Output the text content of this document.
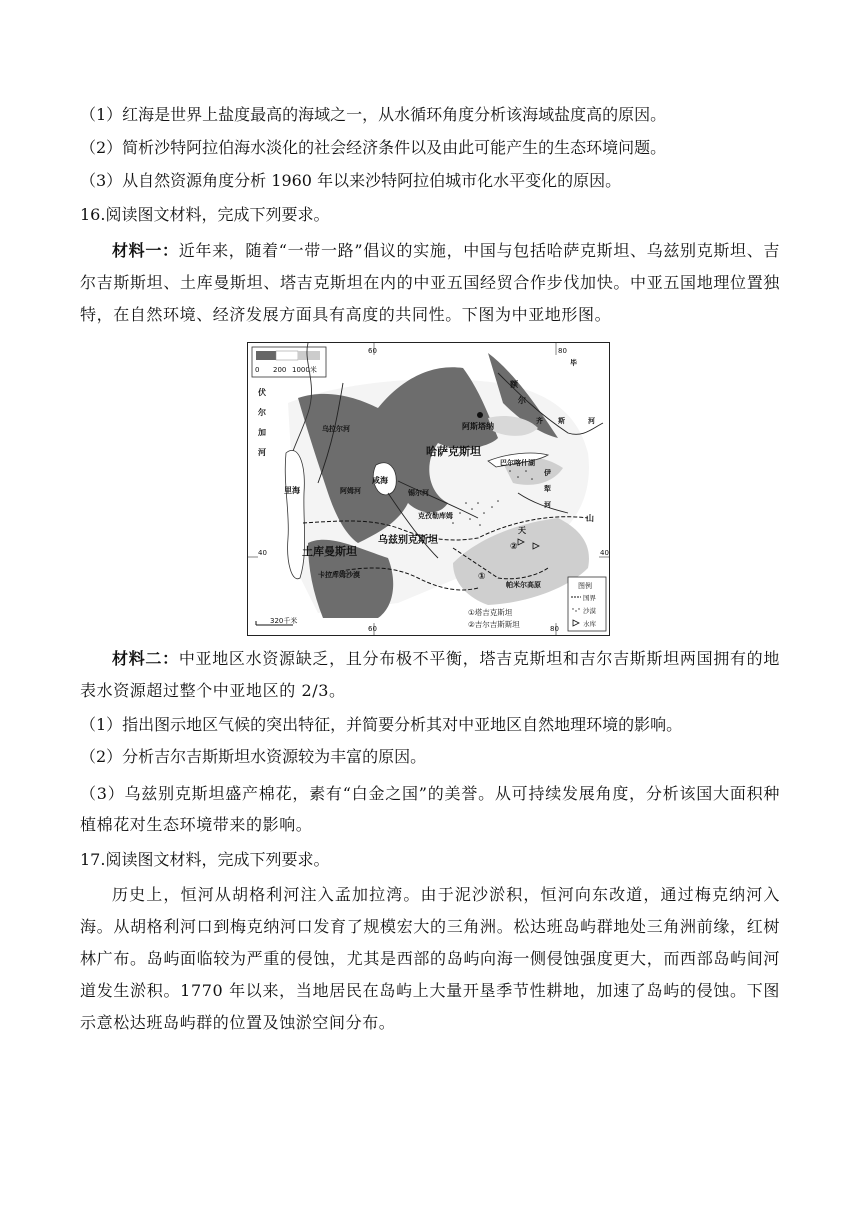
（1）红海是世界上盐度最高的海域之一，从水循环角度分析该海域盐度高的原因。
（2）简析沙特阿拉伯海水淡化的社会经济条件以及由此可能产生的生态环境问题。
（3）从自然资源角度分析 1960 年以来沙特阿拉伯城市化水平变化的原因。
16.阅读图文材料，完成下列要求。
材料一：近年来，随着“一带一路”倡议的实施，中国与包括哈萨克斯坦、乌兹别克斯坦、吉尔吉斯斯坦、土库曼斯坦、塔吉克斯坦在内的中亚五国经贸合作步伐加快。中亚五国地理位置独特，在自然环境、经济发展方面具有高度的共同性。下图为中亚地形图。
0 200 1000米
60	80
60	80
40	40
阿斯塔纳
哈萨克斯坦
乌兹别克斯坦
土库曼斯坦
伏
尔
加
河
里海
乌拉尔河
额
尔
齐 斯	河
巴尔喀什湖
咸海
锡尔河
阿姆河
伊
犁
河
天
山
帕米尔高原
卡拉库姆沙漠
克孜勒库姆
①
②
毕
图例
国界
沙漠
水库
①塔吉克斯坦
②吉尔吉斯斯坦
320千米
材料二：中亚地区水资源缺乏，且分布极不平衡，塔吉克斯坦和吉尔吉斯斯坦两国拥有的地表水资源超过整个中亚地区的 2/3。
（1）指出图示地区气候的突出特征，并简要分析其对中亚地区自然地理环境的影响。
（2）分析吉尔吉斯斯坦水资源较为丰富的原因。
（3）乌兹别克斯坦盛产棉花，素有“白金之国”的美誉。从可持续发展角度，分析该国大面积种植棉花对生态环境带来的影响。
17.阅读图文材料，完成下列要求。
历史上，恒河从胡格利河注入孟加拉湾。由于泥沙淤积，恒河向东改道，通过梅克纳河入海。从胡格利河口到梅克纳河口发育了规模宏大的三角洲。松达班岛屿群地处三角洲前缘，红树林广布。岛屿面临较为严重的侵蚀，尤其是西部的岛屿向海一侧侵蚀强度更大，而西部岛屿间河道发生淤积。1770 年以来，当地居民在岛屿上大量开垦季节性耕地，加速了岛屿的侵蚀。下图示意松达班岛屿群的位置及蚀淤空间分布。
